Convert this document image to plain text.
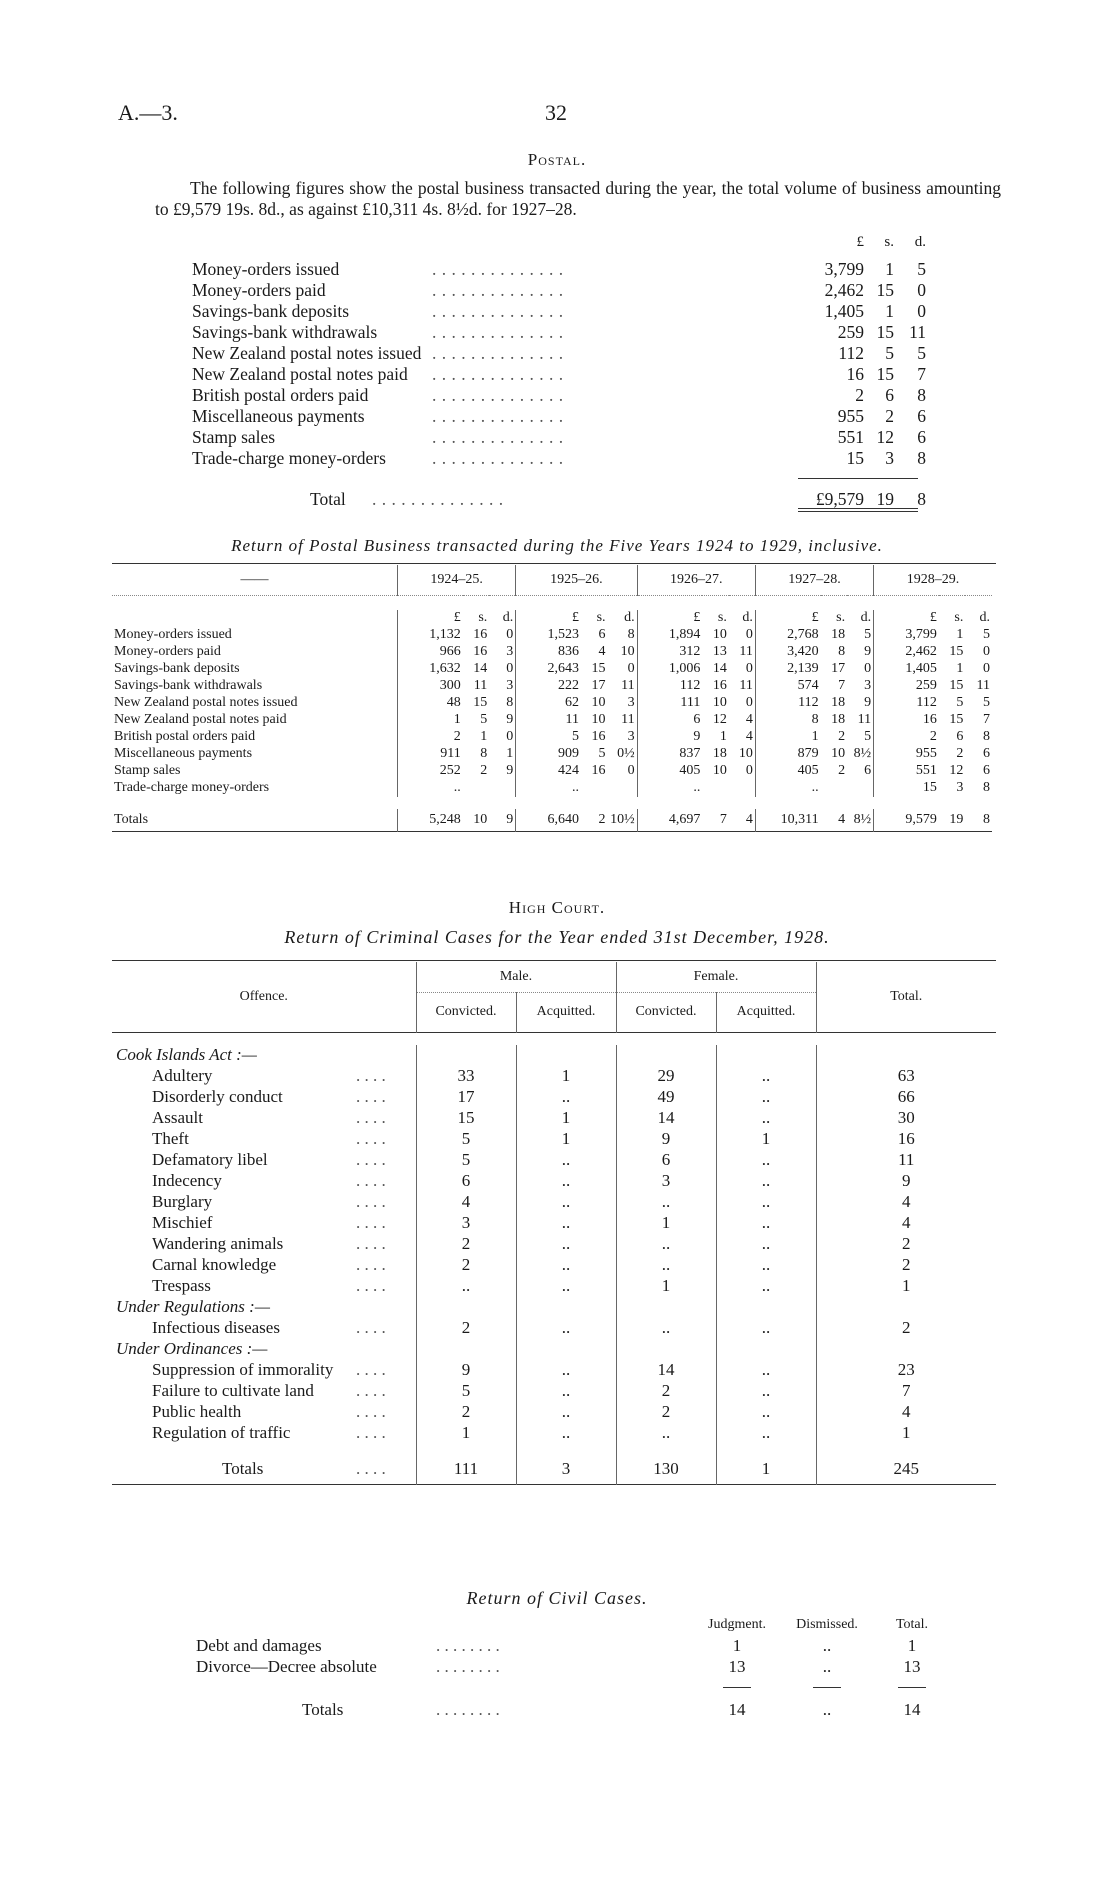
A.—3.	32
Postal.
The following figures show the postal business transacted during the year, the total volume of business amounting to £9,579 19s. 8d., as against £10,311 4s. 8½d. for 1927–28.
£ s. d.
Money-orders issued	. . . . . . . . . . . . . .	3,799 1 5
Money-orders paid	. . . . . . . . . . . . . .	2,462 15 0
Savings-bank deposits	. . . . . . . . . . . . . .	1,405 1 0
Savings-bank withdrawals	. . . . . . . . . . . . . .	259 15 11
New Zealand postal notes issued . . . . . . . . . . . . . .	112 5 5
New Zealand postal notes paid . . . . . . . . . . . . . .	16 15 7
British postal orders paid	. . . . . . . . . . . . . .	2 6 8
Miscellaneous payments	. . . . . . . . . . . . . .	955 2 6
Stamp sales	. . . . . . . . . . . . . .	551 12 6
Trade-charge money-orders	. . . . . . . . . . . . . .	15 3 8
Total . . . . . . . . . . . . . .	£9,579 19 8
Return of Postal Business transacted during the Five Years 1924 to 1929, inclusive.
——	1924–25.			1925–26.			1926–27.			1927–28.			1928–29.		

	£	s.	d.	£	s.	d.	£	s.	d.	£	s.	d.	£	s.	d.
Money-orders issued	1,132	16	0	1,523	6	8	1,894	10	0	2,768	18	5	3,799	1	5
Money-orders paid	966	16	3	836	4	10	312	13	11	3,420	8	9	2,462	15	0
Savings-bank deposits	1,632	14	0	2,643	15	0	1,006	14	0	2,139	17	0	1,405	1	0
Savings-bank withdrawals	300	11	3	222	17	11	112	16	11	574	7	3	259	15	11
New Zealand postal notes issued	48	15	8	62	10	3	111	10	0	112	18	9	112	5	5
New Zealand postal notes paid	1	5	9	11	10	11	6	12	4	8	18	11	16	15	7
British postal orders paid	2	1	0	5	16	3	9	1	4	1	2	5	2	6	8
Miscellaneous payments	911	8	1	909	5	0½	837	18	10	879	10	8½	955	2	6
Stamp sales	252	2	9	424	16	0	405	10	0	405	2	6	551	12	6
Trade-charge money-orders	..			..			..			..			15	3	8

Totals	5,248	10	9	6,640	2	10½	4,697	7	4	10,311	4	8½	9,579	19	8

High Court.
Return of Criminal Cases for the Year ended 31st December, 1928.
Offence.		Male.		Female.		Total.
		Convicted.	Acquitted.	Convicted.	Acquitted.	

Cook Islands Act :—						
Adultery	. . . .	33	1	29	..	63
Disorderly conduct	. . . .	17	..	49	..	66
Assault	. . . .	15	1	14	..	30
Theft	. . . .	5	1	9	1	16
Defamatory libel	. . . .	5	..	6	..	11
Indecency	. . . .	6	..	3	..	9
Burglary	. . . .	4	..	..	..	4
Mischief	. . . .	3	..	1	..	4
Wandering animals	. . . .	2	..	..	..	2
Carnal knowledge	. . . .	2	..	..	..	2
Trespass	. . . .	..	..	1	..	1
Under Regulations :—						
Infectious diseases	. . . .	2	..	..	..	2
Under Ordinances :—						
Suppression of immorality	. . . .	9	..	14	..	23
Failure to cultivate land	. . . .	5	..	2	..	7
Public health	. . . .	2	..	2	..	4
Regulation of traffic	. . . .	1	..	..	..	1

Totals	. . . .	111	3	130	1	245

Return of Civil Cases.
		Judgment.	Dismissed.	Total.
Debt and damages	. . . . . . . .	1	..	1
Divorce—Decree absolute	. . . . . . . .	13	..	13

Totals	. . . . . . . .	14	..	14
